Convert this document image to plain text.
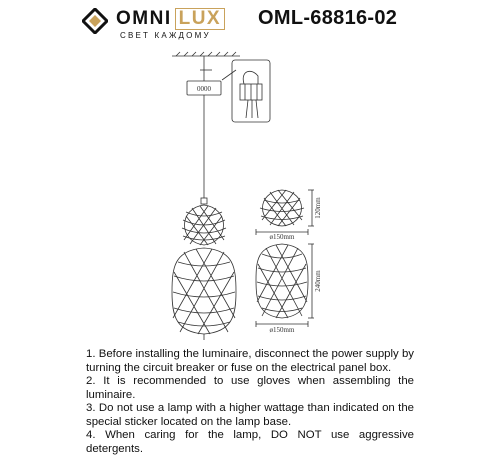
OMNI LUX
СВЕТ КАЖДОМУ
OML-68816-02
0000
120mm
ø150mm
240mm
ø150mm

1. Before installing the luminaire, disconnect the power supply by turning the circuit breaker or fuse on the electrical panel box.

2. It is recommended to use gloves when assembling the luminaire.

3. Do not use a lamp with a higher wattage than indicated on the special sticker located on the lamp base.

4. When caring for the lamp, DO NOT use aggressive detergents.
